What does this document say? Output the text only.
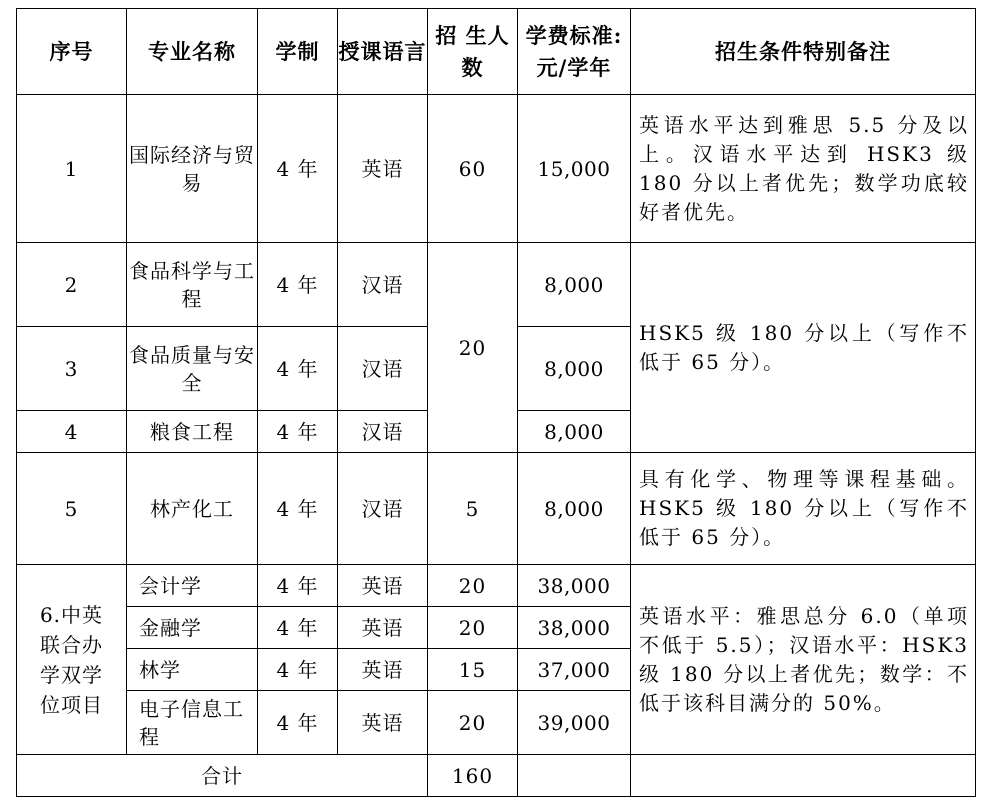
序号	专业名称	学制	授课语言	招 生人数	学费标准:元/学年	招生条件特别备注
1	国际经济与贸易	4 年	英语	60	15,000	英语水平达到雅思 5.5 分及以上。汉语水平达到 HSK3 级 180 分以上者优先；数学功底较好者优先。
2	食品科学与工程	4 年	汉语	20	8,000	HSK5 级 180 分以上（写作不低于 65 分）。
3	食品质量与安全	4 年	汉语		8,000	
4	粮食工程	4 年	汉语		8,000	
5	林产化工	4 年	汉语	5	8,000	具有化学、物理等课程基础。HSK5 级 180 分以上（写作不低于 65 分）。
6.中英联合办学双学位项目	会计学	4 年	英语	20	38,000	英语水平：雅思总分 6.0（单项不低于 5.5）；汉语水平：HSK3 级 180 分以上者优先；数学：不低于该科目满分的 50%。
	金融学	4 年	英语	20	38,000	
	林学	4 年	英语	15	37,000	
	电子信息工程	4 年	英语	20	39,000	
合计				160		
